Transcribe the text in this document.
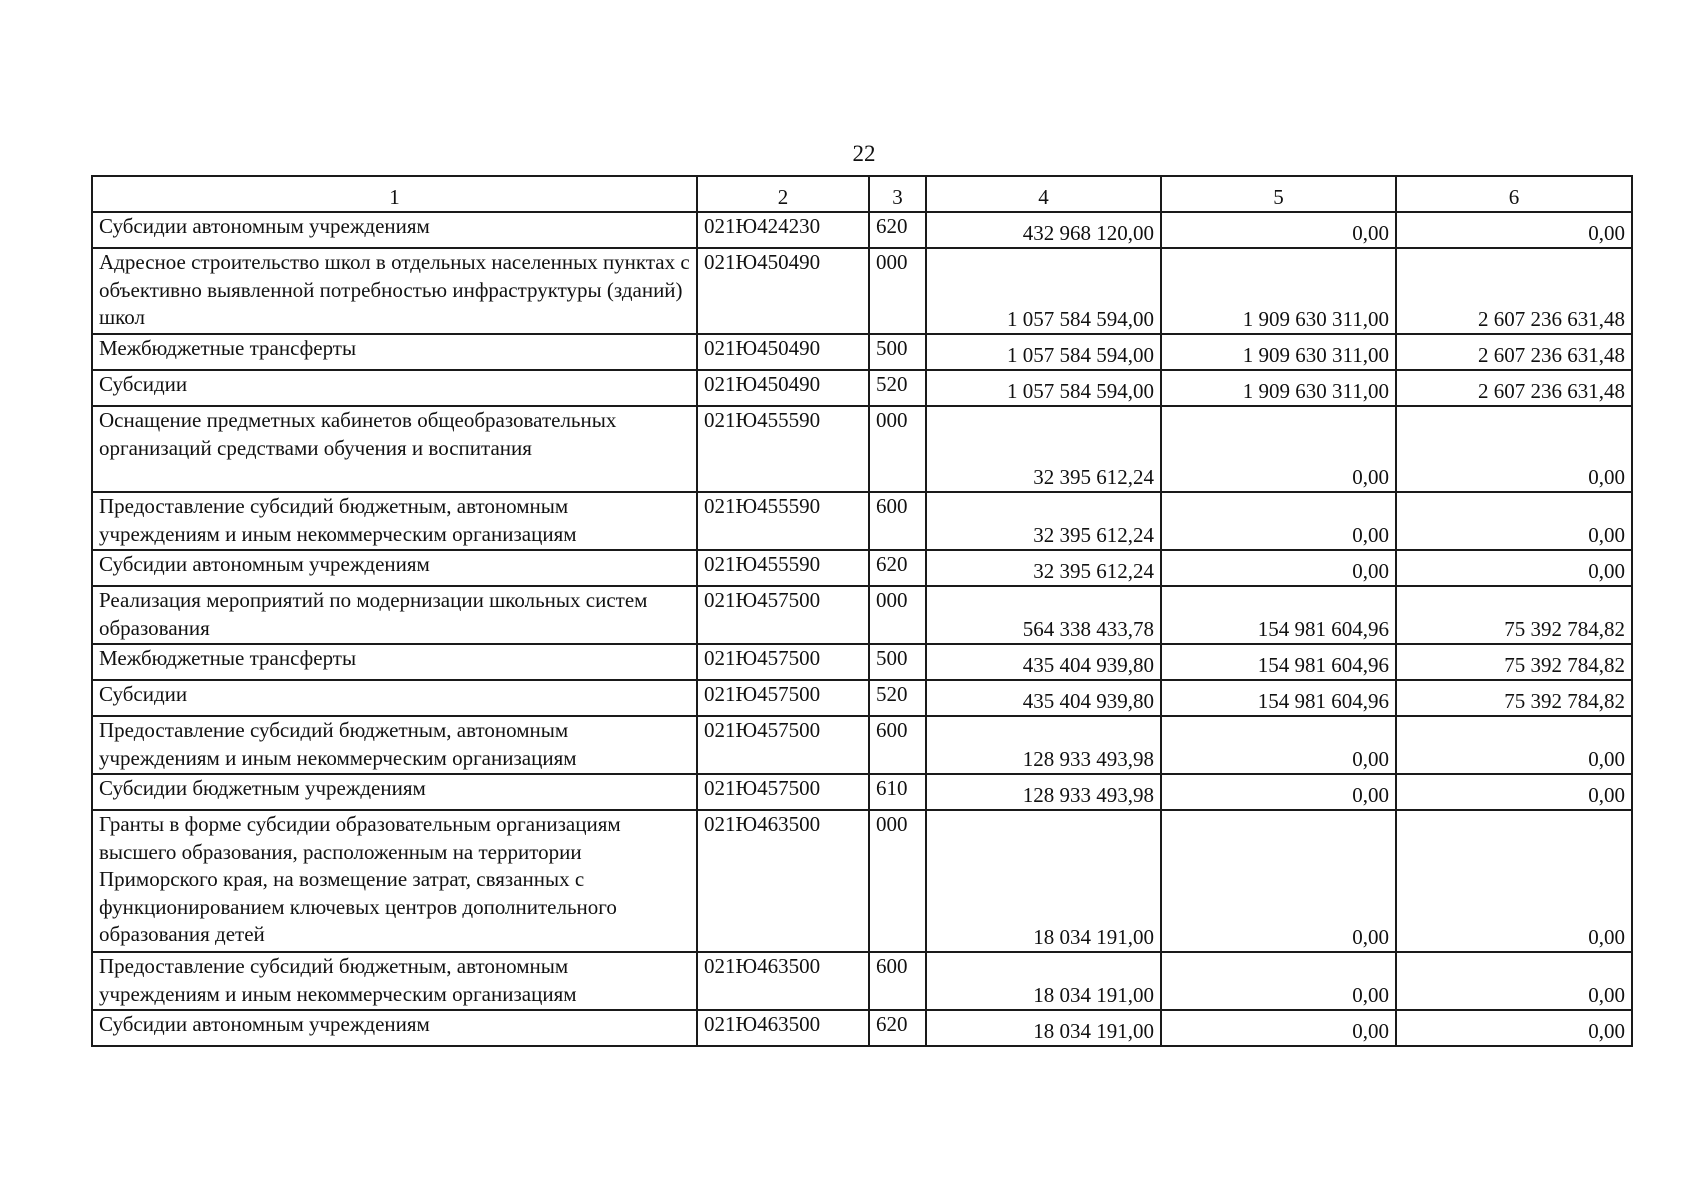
22
1	2	3	4	5	6
Субсидии автономным учреждениям	021Ю424230	620	432 968 120,00	0,00	0,00
Адресное строительство школ в отдельных населенных пунктах с объективно выявленной потребностью инфраструктуры (зданий) школ	021Ю450490	000	1 057 584 594,00	1 909 630 311,00	2 607 236 631,48
Межбюджетные трансферты	021Ю450490	500	1 057 584 594,00	1 909 630 311,00	2 607 236 631,48
Субсидии	021Ю450490	520	1 057 584 594,00	1 909 630 311,00	2 607 236 631,48
Оснащение предметных кабинетов общеобразовательных организаций средствами обучения и воспитания	021Ю455590	000	32 395 612,24	0,00	0,00
Предоставление субсидий бюджетным, автономным учреждениям и иным некоммерческим организациям	021Ю455590	600	32 395 612,24	0,00	0,00
Субсидии автономным учреждениям	021Ю455590	620	32 395 612,24	0,00	0,00
Реализация мероприятий по модернизации школьных систем образования	021Ю457500	000	564 338 433,78	154 981 604,96	75 392 784,82
Межбюджетные трансферты	021Ю457500	500	435 404 939,80	154 981 604,96	75 392 784,82
Субсидии	021Ю457500	520	435 404 939,80	154 981 604,96	75 392 784,82
Предоставление субсидий бюджетным, автономным учреждениям и иным некоммерческим организациям	021Ю457500	600	128 933 493,98	0,00	0,00
Субсидии бюджетным учреждениям	021Ю457500	610	128 933 493,98	0,00	0,00
Гранты в форме субсидии образовательным организациям высшего образования, расположенным на территории Приморского края, на возмещение затрат, связанных с функционированием ключевых центров дополнительного образования детей	021Ю463500	000	18 034 191,00	0,00	0,00
Предоставление субсидий бюджетным, автономным учреждениям и иным некоммерческим организациям	021Ю463500	600	18 034 191,00	0,00	0,00
Субсидии автономным учреждениям	021Ю463500	620	18 034 191,00	0,00	0,00
